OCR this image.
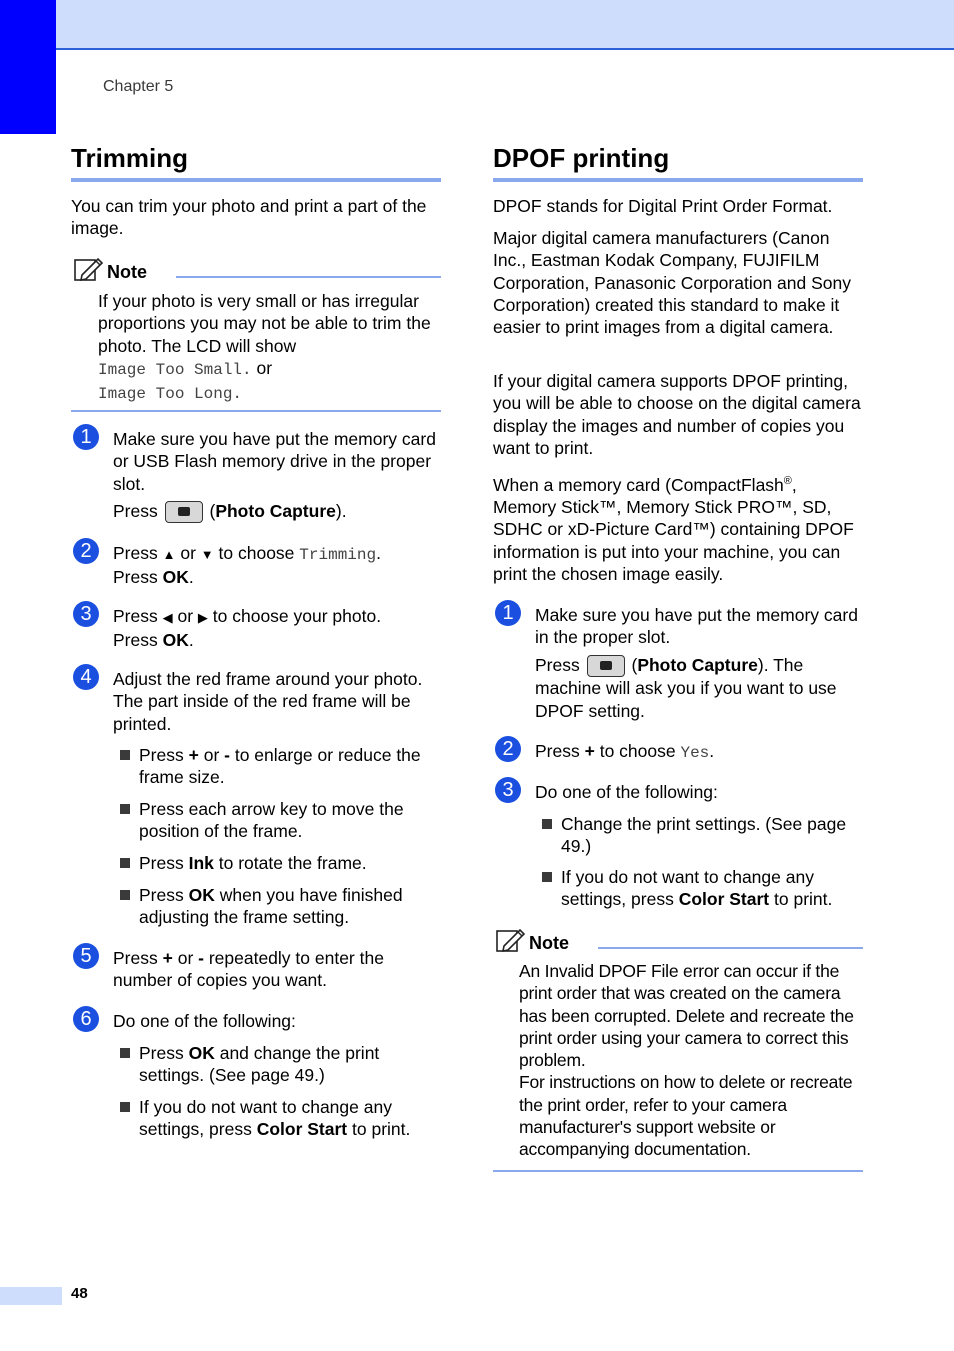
Chapter 5
Trimming
You can trim your photo and print a part of the image.
Note
If your photo is very small or has irregular proportions you may not be able to trim the photo. The LCD will show
Image Too Small. or
Image Too Long.
1	Make sure you have put the memory card or USB Flash memory drive in the proper slot.
Press	(Photo Capture).
2	Press ▲ or ▼ to choose Trimming.
Press OK.
3	Press ◀ or ▶ to choose your photo.
Press OK.
4	Adjust the red frame around your photo. The part inside of the red frame will be printed.
Press + or - to enlarge or reduce the frame size.
Press each arrow key to move the position of the frame.
Press Ink to rotate the frame.
Press OK when you have finished adjusting the frame setting.
5	Press + or - repeatedly to enter the number of copies you want.
6	Do one of the following:
Press OK and change the print settings. (See page 49.)
If you do not want to change any settings, press Color Start to print.
DPOF printing
DPOF stands for Digital Print Order Format.
Major digital camera manufacturers (Canon Inc., Eastman Kodak Company, FUJIFILM Corporation, Panasonic Corporation and Sony Corporation) created this standard to make it easier to print images from a digital camera.
If your digital camera supports DPOF printing, you will be able to choose on the digital camera display the images and number of copies you want to print.
When a memory card (CompactFlash®, Memory Stick™, Memory Stick PRO™, SD, SDHC or xD-Picture Card™) containing DPOF information is put into your machine, you can print the chosen image easily.
1	Make sure you have put the memory card in the proper slot.
Press	(Photo Capture). The machine will ask you if you want to use DPOF setting.
2	Press + to choose Yes.
3	Do one of the following:
Change the print settings. (See page 49.)
If you do not want to change any settings, press Color Start to print.
Note
An Invalid DPOF File error can occur if the print order that was created on the camera has been corrupted. Delete and recreate the print order using your camera to correct this problem.
For instructions on how to delete or recreate the print order, refer to your camera manufacturer's support website or accompanying documentation.
48
